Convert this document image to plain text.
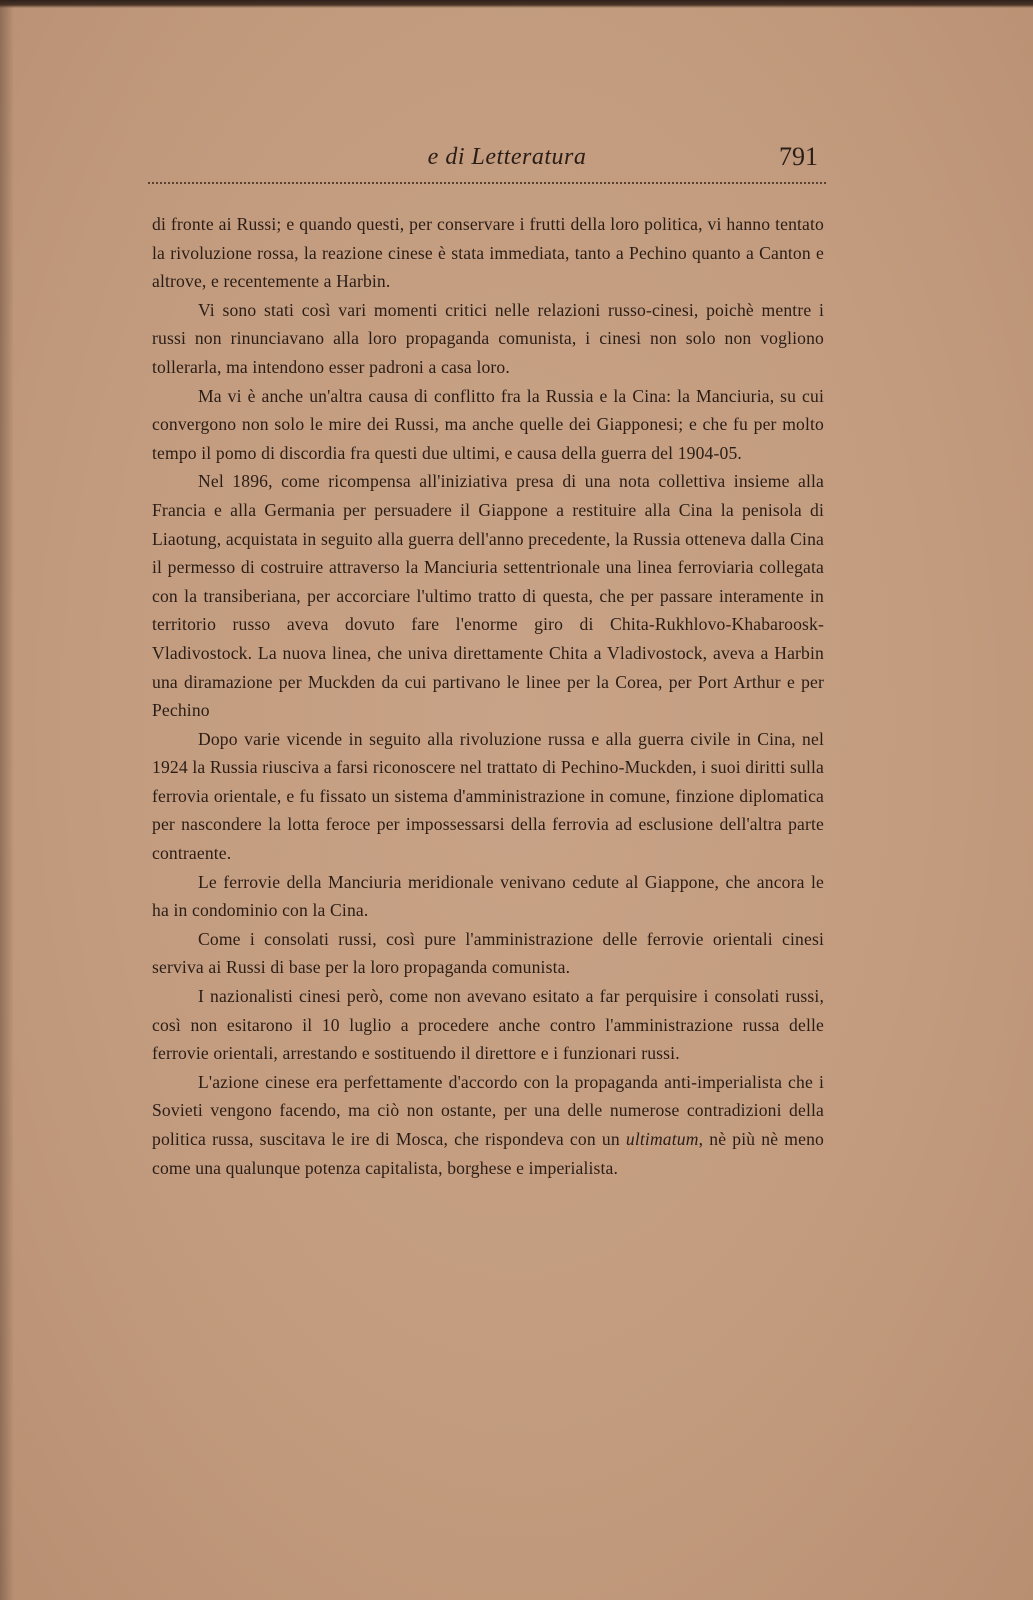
e di Letteratura	791

di fronte ai Russi; e quando questi, per conservare i frutti della loro politica, vi hanno tentato la rivoluzione rossa, la reazione cinese è stata immediata, tanto a Pechino quanto a Canton e altrove, e recentemente a Harbin.

Vi sono stati così vari momenti critici nelle relazioni russo-cinesi, poichè mentre i russi non rinunciavano alla loro propaganda comunista, i cinesi non solo non vogliono tollerarla, ma intendono esser padroni a casa loro.

Ma vi è anche un'altra causa di conflitto fra la Russia e la Cina: la Manciuria, su cui convergono non solo le mire dei Russi, ma anche quelle dei Giapponesi; e che fu per molto tempo il pomo di discordia fra questi due ultimi, e causa della guerra del 1904-05.

Nel 1896, come ricompensa all'iniziativa presa di una nota collettiva insieme alla Francia e alla Germania per persuadere il Giappone a restituire alla Cina la penisola di Liaotung, acquistata in seguito alla guerra dell'anno precedente, la Russia otteneva dalla Cina il permesso di costruire attraverso la Manciuria settentrionale una linea ferroviaria collegata con la transiberiana, per accorciare l'ultimo tratto di questa, che per passare interamente in territorio russo aveva dovuto fare l'enorme giro di Chita-Rukhlovo-Khabaroosk-Vladivostock. La nuova linea, che univa direttamente Chita a Vladivostock, aveva a Harbin una diramazione per Muckden da cui partivano le linee per la Corea, per Port Arthur e per Pechino

Dopo varie vicende in seguito alla rivoluzione russa e alla guerra civile in Cina, nel 1924 la Russia riusciva a farsi riconoscere nel trattato di Pechino-Muckden, i suoi diritti sulla ferrovia orientale, e fu fissato un sistema d'amministrazione in comune, finzione diplomatica per nascondere la lotta feroce per impossessarsi della ferrovia ad esclusione dell'altra parte contraente.

Le ferrovie della Manciuria meridionale venivano cedute al Giappone, che ancora le ha in condominio con la Cina.

Come i consolati russi, così pure l'amministrazione delle ferrovie orientali cinesi serviva ai Russi di base per la loro propaganda comunista.

I nazionalisti cinesi però, come non avevano esitato a far perquisire i consolati russi, così non esitarono il 10 luglio a procedere anche contro l'amministrazione russa delle ferrovie orientali, arrestando e sostituendo il direttore e i funzionari russi.

L'azione cinese era perfettamente d'accordo con la propaganda anti-imperialista che i Sovieti vengono facendo, ma ciò non ostante, per una delle numerose contradizioni della politica russa, suscitava le ire di Mosca, che rispondeva con un ultimatum, nè più nè meno come una qualunque potenza capitalista, borghese e imperialista.
